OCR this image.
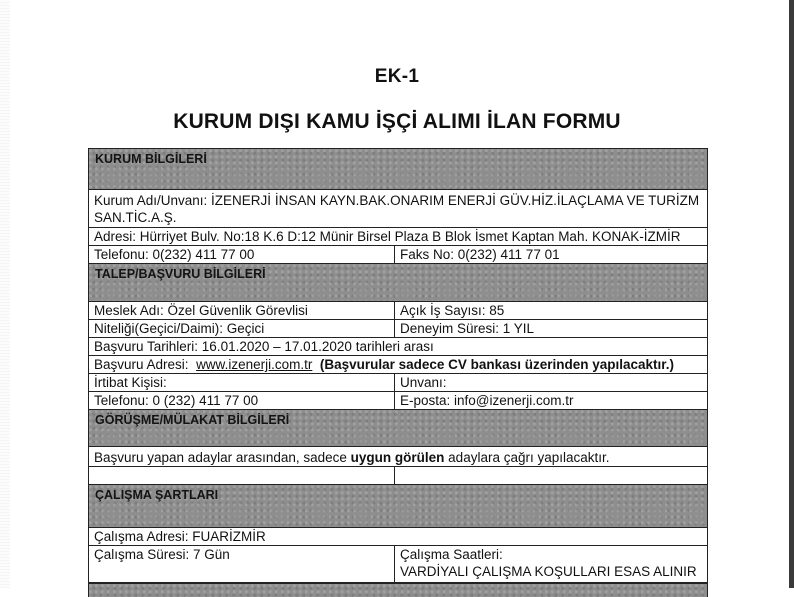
EK-1
KURUM DIŞI KAMU İŞÇİ ALIMI İLAN FORMU
KURUM BİLGİLERİ
Kurum Adı/Unvanı: İZENERJİ İNSAN KAYN.BAK.ONARIM ENERJİ GÜV.HİZ.İLAÇLAMA VE TURİZM
SAN.TİC.A.Ş.
Adresi: Hürriyet Bulv. No:18 K.6 D:12 Münir Birsel Plaza B Blok İsmet Kaptan Mah. KONAK-İZMİR
Telefonu: 0(232) 411 77 00	Faks No: 0(232) 411 77 01
TALEP/BAŞVURU BİLGİLERİ
Meslek Adı: Özel Güvenlik Görevlisi	Açık İş Sayısı: 85
Niteliği(Geçici/Daimi): Geçici	Deneyim Süresi: 1 YIL
Başvuru Tarihleri: 16.01.2020 – 17.01.2020 tarihleri arası
Başvuru Adresi:  www.izenerji.com.tr  (Başvurular sadece CV bankası üzerinden yapılacaktır.)
İrtibat Kişisi:	Unvanı:
Telefonu: 0 (232) 411 77 00	E-posta: info@izenerji.com.tr
GÖRÜŞME/MÜLAKAT BİLGİLERİ
Başvuru yapan adaylar arasından, sadece uygun görülen adaylara çağrı yapılacaktır.
ÇALIŞMA ŞARTLARI
Çalışma Adresi: FUARİZMİR
Çalışma Süresi: 7 Gün	Çalışma Saatleri:
VARDİYALI ÇALIŞMA KOŞULLARI ESAS ALINIR
